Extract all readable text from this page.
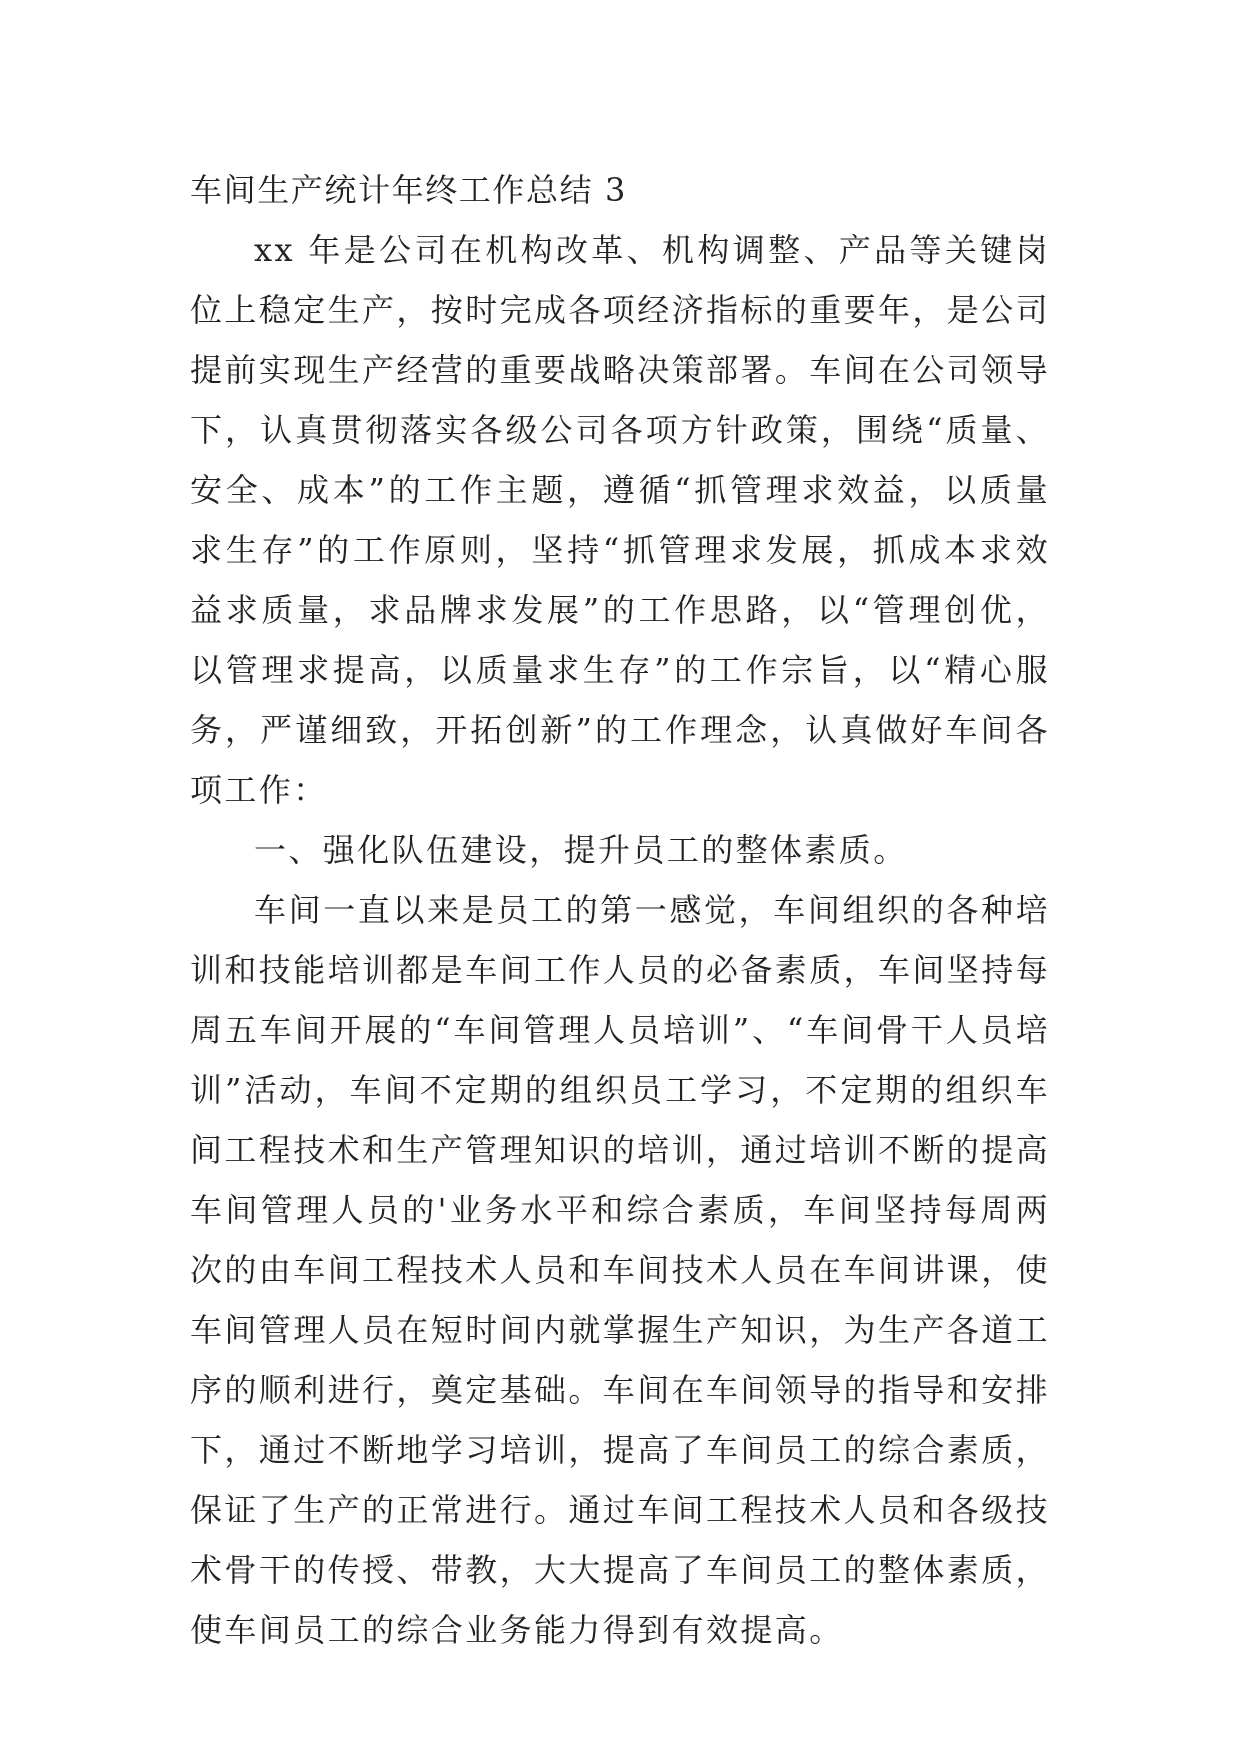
车间生产统计年终工作总结 3

xx 年是公司在机构改革、机构调整、产品等关键岗位上稳定生产，按时完成各项经济指标的重要年，是公司提前实现生产经营的重要战略决策部署。车间在公司领导下，认真贯彻落实各级公司各项方针政策，围绕“质量、安全、成本”的工作主题，遵循“抓管理求效益，以质量求生存”的工作原则，坚持“抓管理求发展，抓成本求效益求质量，求品牌求发展”的工作思路，以“管理创优，以管理求提高，以质量求生存”的工作宗旨，以“精心服务，严谨细致，开拓创新”的工作理念，认真做好车间各项工作：

一、强化队伍建设，提升员工的整体素质。

车间一直以来是员工的第一感觉，车间组织的各种培训和技能培训都是车间工作人员的必备素质，车间坚持每周五车间开展的“车间管理人员培训”、“车间骨干人员培训”活动，车间不定期的组织员工学习，不定期的组织车间工程技术和生产管理知识的培训，通过培训不断的提高车间管理人员的'业务水平和综合素质，车间坚持每周两次的由车间工程技术人员和车间技术人员在车间讲课，使车间管理人员在短时间内就掌握生产知识，为生产各道工序的顺利进行，奠定基础。车间在车间领导的指导和安排下，通过不断地学习培训，提高了车间员工的综合素质，保证了生产的正常进行。通过车间工程技术人员和各级技术骨干的传授、带教，大大提高了车间员工的整体素质，使车间员工的综合业务能力得到有效提高。
